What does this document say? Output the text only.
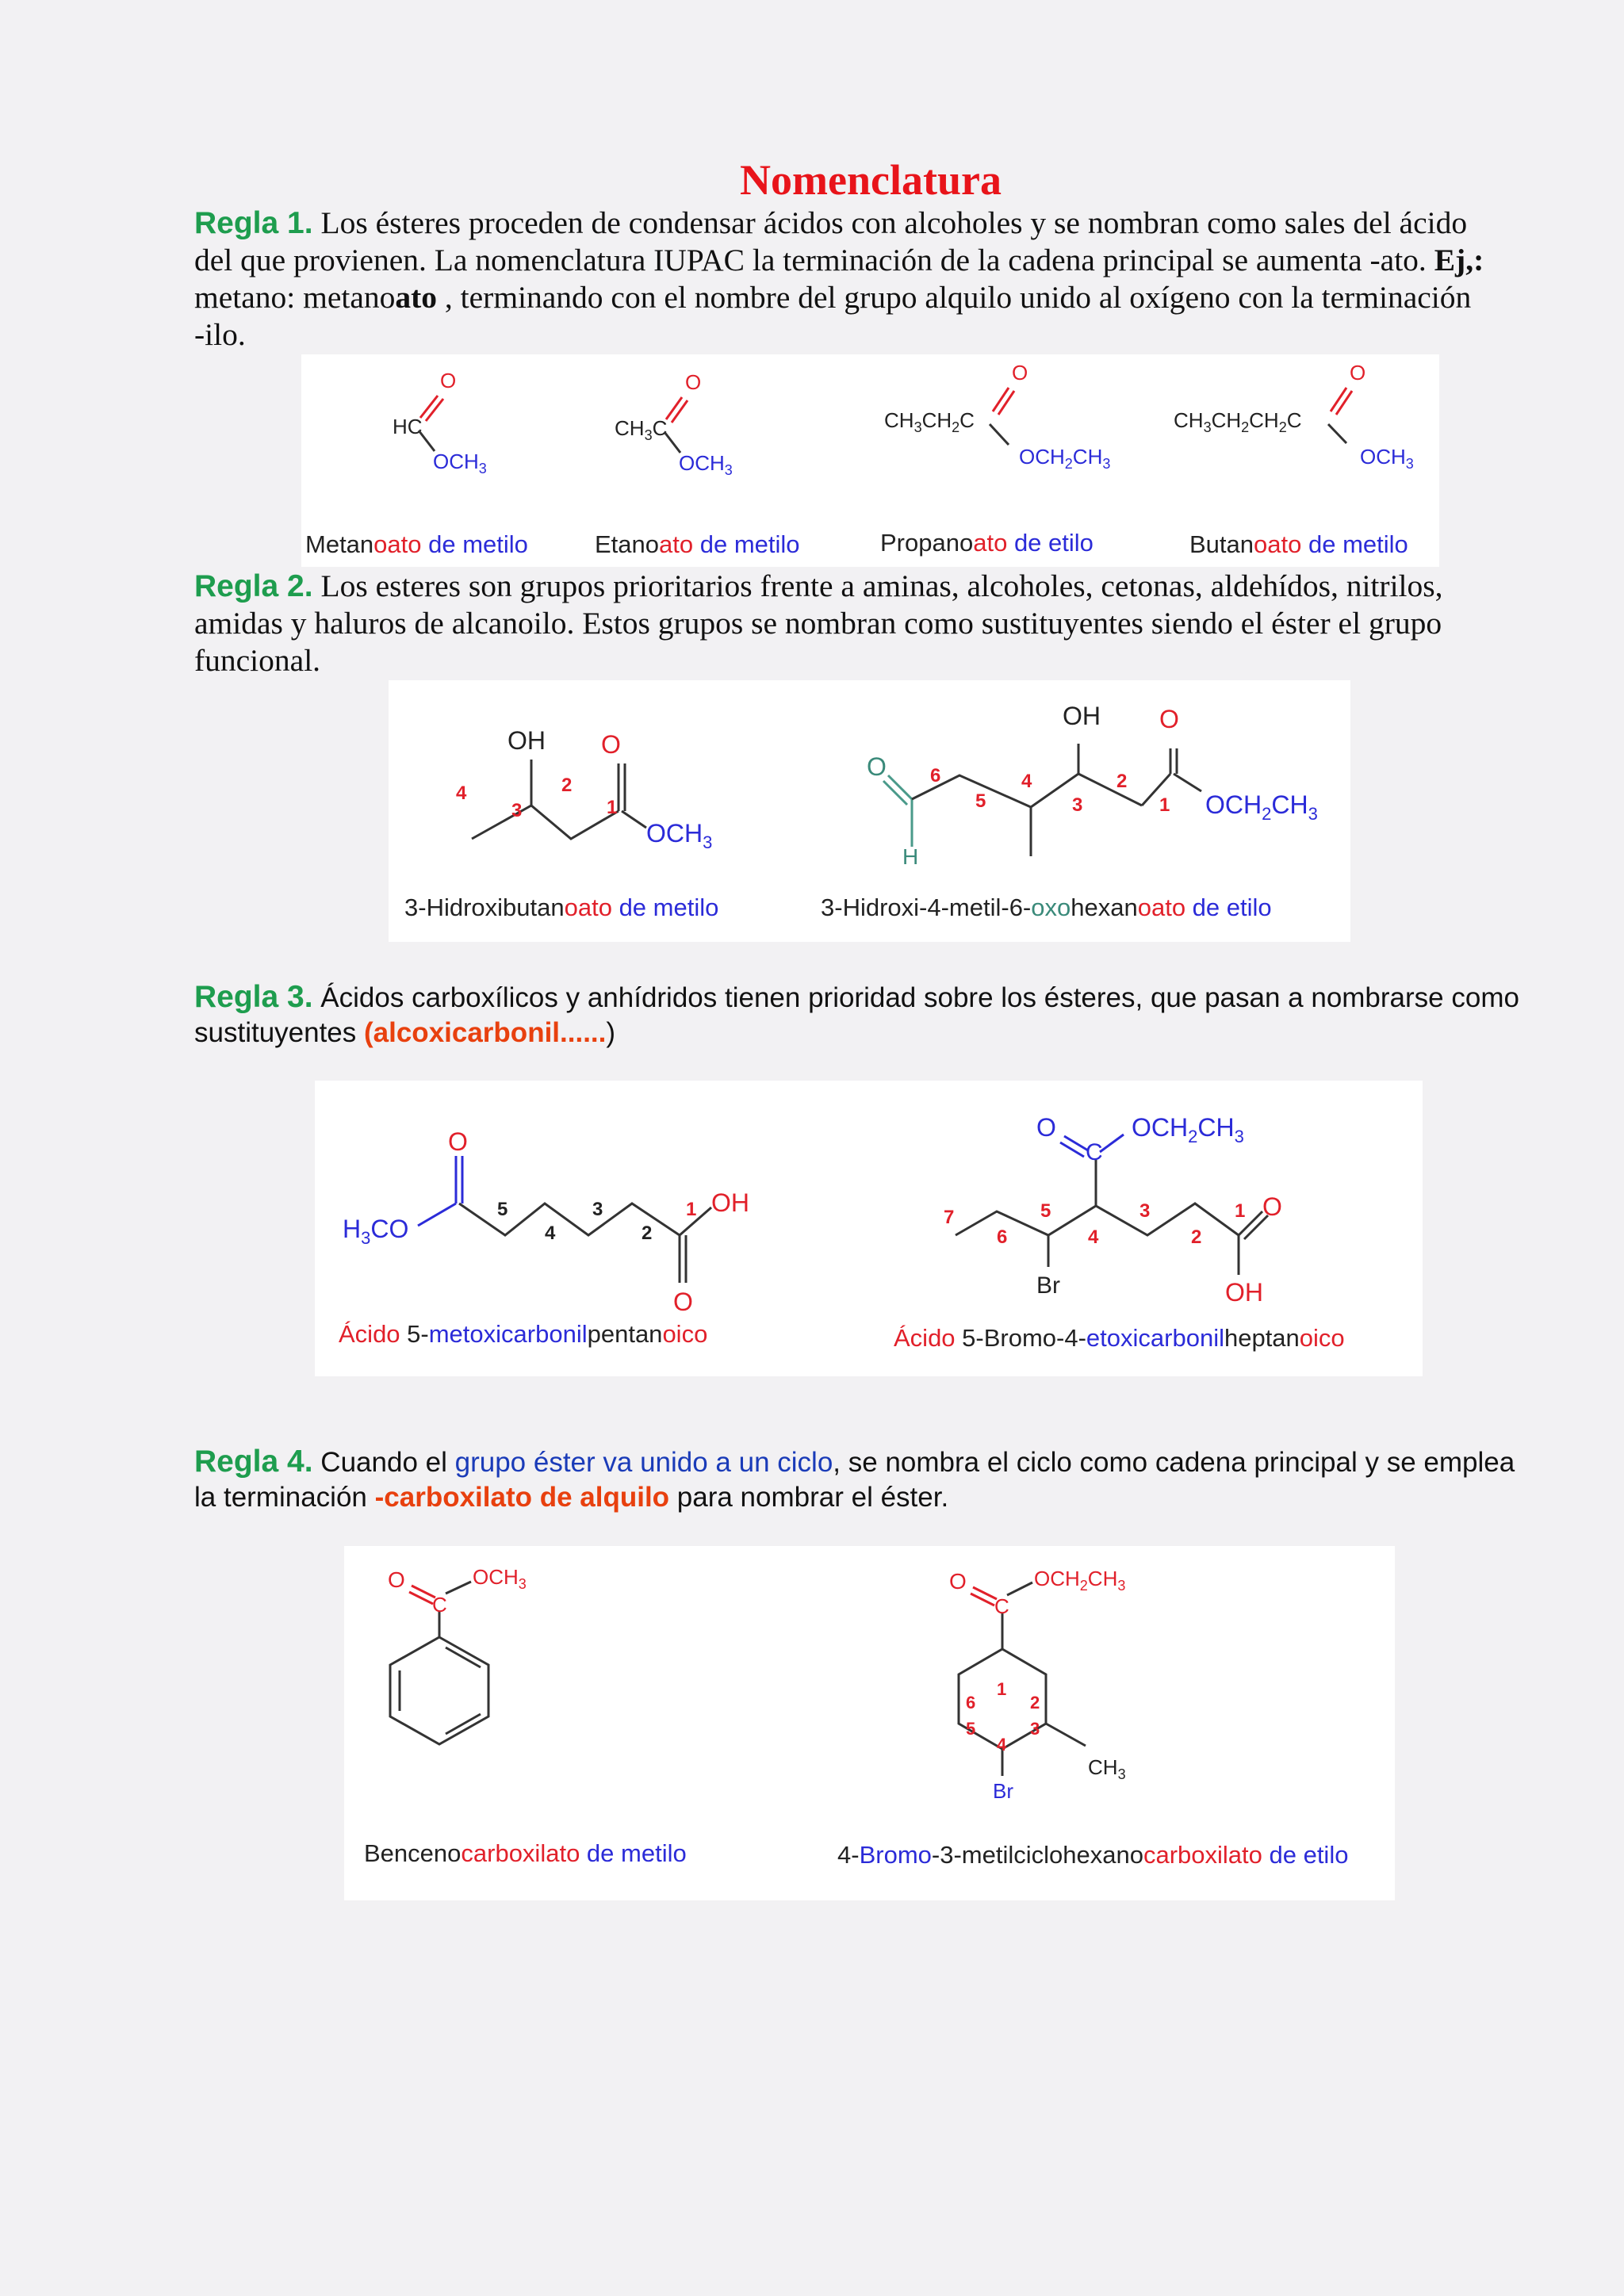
Nomenclatura

Regla 1. Los ésteres proceden de condensar ácidos con alcoholes y se nombran como sales del ácido
del que provienen. La nomenclatura IUPAC la terminación de la cadena principal se aumenta -ato. Ej,:
metano: metanoato , terminando con el nombre del grupo alquilo unido al oxígeno con la terminación
-ilo.

HC
O
$OCH_3$
Metanoato de metilo
$CH_3C$
O
$OCH_3$
Etanoato de metilo
$CH_3CH_2C$
O
$OCH_2CH_3$
Propanoato de etilo
$CH_3CH_2CH_2C$
O
$OCH_3$
Butanoato de metilo

Regla 2. Los esteres son grupos prioritarios frente a aminas, alcoholes, cetonas, aldehídos, nitrilos,
amidas y haluros de alcanoilo. Estos grupos se nombran como sustituyentes siendo el éster el grupo
funcional.

OH O
$OCH_3$
4
3
2
1
3-Hidroxibutanoato de metilo
O
H
OH O
$OCH_2CH_3$
6
5
4
3
2
1
3-Hidroxi-4-metil-6-oxohexanoato de etilo

Regla 3. Ácidos carboxílicos y anhídridos tienen prioridad sobre los ésteres, que pasan a nombrarse como
sustituyentes (alcoxicarbonil......)

$H_3CO$
O
OH
O
5
4
3
2
1
Ácido 5-metoxicarbonilpentanoico
O
C
$OCH_2CH_3$
Br
O
OH
7
6
5
4
3
2
1
Ácido 5-Bromo-4-etoxicarbonilheptanoico

Regla 4. Cuando el grupo éster va unido a un ciclo, se nombra el ciclo como cadena principal y se emplea
la terminación -carboxilato de alquilo para nombrar el éster.

O
C
$OCH_3$
Bencenocarboxilato de metilo
O
C
$OCH_2CH_3$
$CH_3$
Br
1
2
3
4
5
6
4-Bromo-3-metilciclohexanocarboxilato de etilo
